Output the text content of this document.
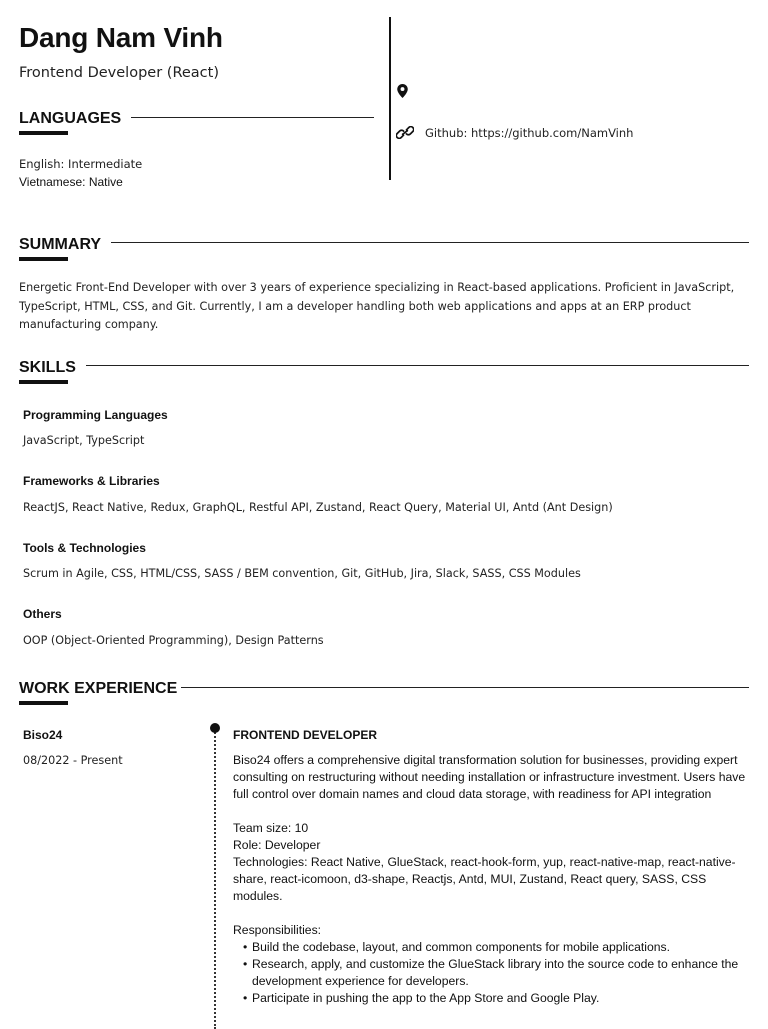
Dang Nam Vinh
Frontend Developer (React)
Github: https://github.com/NamVinh
LANGUAGES
English: Intermediate
Vietnamese: Native
SUMMARY
Energetic Front-End Developer with over 3 years of experience specializing in React-based applications. Proficient in JavaScript, TypeScript, HTML, CSS, and Git. Currently, I am a developer handling both web applications and apps at an ERP product manufacturing company.
SKILLS
Programming Languages
JavaScript, TypeScript
Frameworks & Libraries
ReactJS, React Native, Redux, GraphQL, Restful API, Zustand, React Query, Material UI, Antd (Ant Design)
Tools & Technologies
Scrum in Agile, CSS, HTML/CSS, SASS / BEM convention, Git, GitHub, Jira, Slack, SASS, CSS Modules
Others
OOP (Object-Oriented Programming), Design Patterns
WORK EXPERIENCE
Biso24
08/2022 - Present
FRONTEND DEVELOPER

Biso24 offers a comprehensive digital transformation solution for businesses, providing expert consulting on restructuring without needing installation or infrastructure investment. Users have full control over domain names and cloud data storage, with readiness for API integration

Team size: 10

Role: Developer

Technologies: React Native, GlueStack, react-hook-form, yup, react-native-map, react-native-share, react-icomoon, d3-shape, Reactjs, Antd, MUI, Zustand, React query, SASS, CSS modules.

Responsibilities:

• Build the codebase, layout, and common components for mobile applications.
• Research, apply, and customize the GlueStack library into the source code to enhance the development experience for developers.
• Participate in pushing the app to the App Store and Google Play.
